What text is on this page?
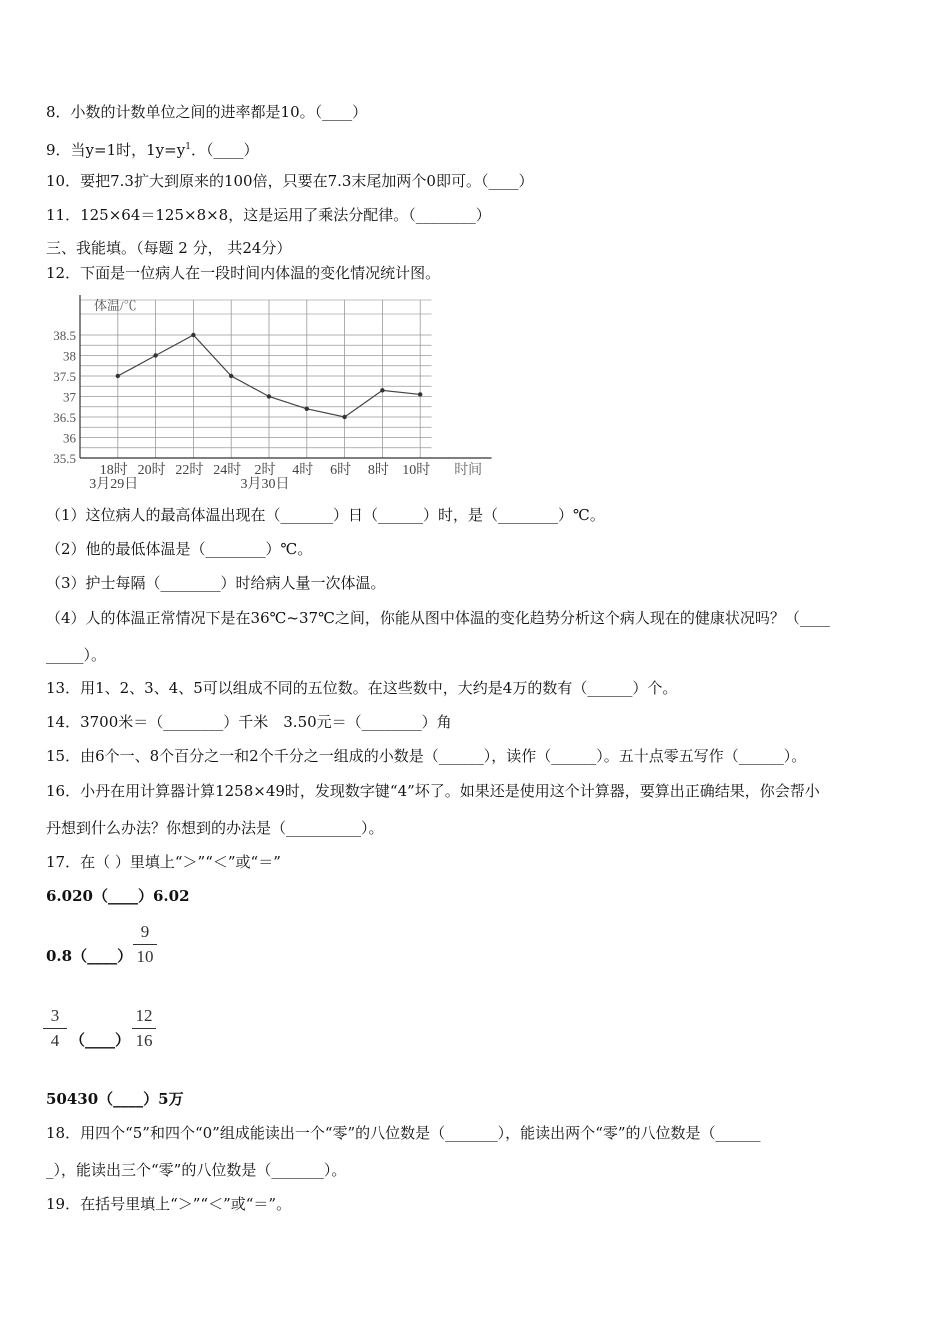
8．小数的计数单位之间的进率都是10。（____）
9．当y=1时，$1y=y^1$．（____）
10．要把7.3扩大到原来的100倍，只要在7.3末尾加两个0即可。（____）
11．125×64＝125×8×8，这是运用了乘法分配律。（________）
三、我能填。（每题 2 分， 共24分）
12．下面是一位病人在一段时间内体温的变化情况统计图。
体温/℃
35.5
36
36.5
37
37.5
38
38.5
18时 20时 22时 24时 2时 4时 6时 8时 10时 时间
3月29日	3月30日
（1）这位病人的最高体温出现在（_______）日（______）时，是（________）℃。
（2）他的最低体温是（________）℃。
（3）护士每隔（________）时给病人量一次体温。
（4）人的体温正常情况下是在36℃~37℃之间，你能从图中体温的变化趋势分析这个病人现在的健康状况吗？（____
_____）。
13．用1、2、3、4、5可以组成不同的五位数。在这些数中，大约是4万的数有（______）个。
14．3700米＝（________）千米　3.50元＝（________）角
15．由6个一、8个百分之一和2个千分之一组成的小数是（______），读作（______）。五十点零五写作（______）。
16．小丹在用计算器计算1258×49时，发现数字键“4”坏了。如果还是使用这个计算器，要算出正确结果，你会帮小
丹想到什么办法？你想到的办法是（__________）。
17．在（ ）里填上“＞”“＜”或“＝”
6.020（____）6.02
0.8（____）
9
10
3
4 （____）
12
16
50430（____）5万
18．用四个“5”和四个“0”组成能读出一个“零”的八位数是（_______），能读出两个“零”的八位数是（______
_），能读出三个“零”的八位数是（_______）。
19．在括号里填上“＞”“＜”或“＝”。
